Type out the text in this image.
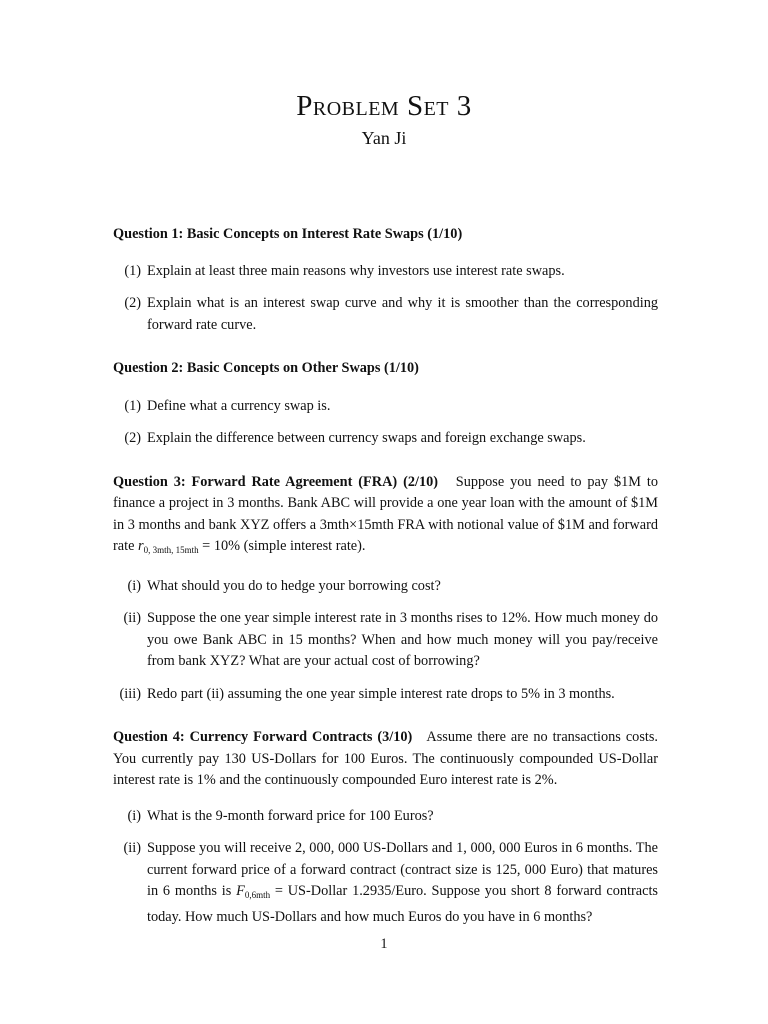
Problem Set 3
Yan Ji
Question 1: Basic Concepts on Interest Rate Swaps (1/10)
(1) Explain at least three main reasons why investors use interest rate swaps.
(2) Explain what is an interest swap curve and why it is smoother than the corresponding forward rate curve.
Question 2: Basic Concepts on Other Swaps (1/10)
(1) Define what a currency swap is.
(2) Explain the difference between currency swaps and foreign exchange swaps.

Question 3: Forward Rate Agreement (FRA) (2/10) Suppose you need to pay $1M to finance a project in 3 months. Bank ABC will provide a one year loan with the amount of $1M in 3 months and bank XYZ offers a 3mth×15mth FRA with notional value of $1M and forward rate $r_{0, 3mth, 15mth} = 10\%$ (simple interest rate).

(i) What should you do to hedge your borrowing cost?
(ii) Suppose the one year simple interest rate in 3 months rises to 12%. How much money do you owe Bank ABC in 15 months? When and how much money will you pay/receive from bank XYZ? What are your actual cost of borrowing?
(iii) Redo part (ii) assuming the one year simple interest rate drops to 5% in 3 months.

Question 4: Currency Forward Contracts (3/10) Assume there are no transactions costs. You currently pay 130 US-Dollars for 100 Euros. The continuously compounded US-Dollar interest rate is 1% and the continuously compounded Euro interest rate is 2%.

(i) What is the 9-month forward price for 100 Euros?
(ii) Suppose you will receive 2, 000, 000 US-Dollars and 1, 000, 000 Euros in 6 months. The current forward price of a forward contract (contract size is 125, 000 Euro) that matures in 6 months is $F_{0,6mth}$ = US-Dollar 1.2935/Euro. Suppose you short 8 forward contracts today. How much US-Dollars and how much Euros do you have in 6 months?
1
